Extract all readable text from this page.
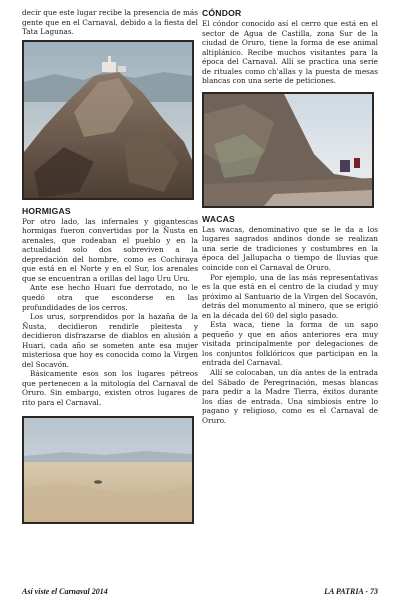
decir que este lugar recibe la presencia de más gente que en el Carnaval, debido a la fiesta del Tata Lagunas.

HORMIGAS

Por otro lado, las infernales y gigantescas hormigas fueron convertidas por la Ñusta en arenales, que rodeaban el pueblo y en la actualidad solo dos sobreviven a la depredación del hombre, como es Cochiraya que está en el Norte y en el Sur, los arenales que se encuentran a orillas del lago Uru Uru.

Ante ese hecho Huari fue derrotado, no le quedó otra que esconderse en las profundidades de los cerros.

Los urus, sorprendidos por la hazaña de la Ñusta, decidieron rendirle pleitesta y decidieron disfrazarse de diablos en alusión a Huari, cada año se someten ante esa mujer misteriosa que hoy es conocida como la Virgen del Socavón.

Básicamente esos son los lugares pétreos que pertenecen a la mitología del Carnaval de Oruro. Sin embargo, existen otros lugares de rito para el Carnaval.

CÓNDOR

El cóndor conocido así el cerro que está en el sector de Agua de Castilla, zona Sur de la ciudad de Oruro, tiene la forma de ese animal altiplánico. Recibe muchos visitantes para la época del Carnaval. Allí se practica una serie de rituales como ch'allas y la puesta de mesas blancas con una serie de peticiones.

WACAS

Las wacas, denominativo que se le da a los lugares sagrados andinos donde se realizan una serie de tradiciones y costumbres en la época del Jallupacha o tiempo de lluvias que coincide con el Carnaval de Oruro.

Por ejemplo, una de las más representativas es la que está en el centro de la ciudad y muy próximo al Santuario de la Virgen del Socavón, detrás del monumento al minero, que se erigió en la década del 60 del siglo pasado.

Esta waca, tiene la forma de un sapo pequeño y que en años anteriores era muy visitada principalmente por delegaciones de los conjuntos folklóricos que participan en la entrada del Carnaval.

Allí se colocaban, un día antes de la entrada del Sábado de Peregrinación, mesas blancas para pedir a la Madre Tierra, éxitos durante los días de entrada. Una simbiosis entre lo pagano y religioso, como es el Carnaval de Oruro.

Así viste el Carnaval 2014	LA PATRIA - 73
